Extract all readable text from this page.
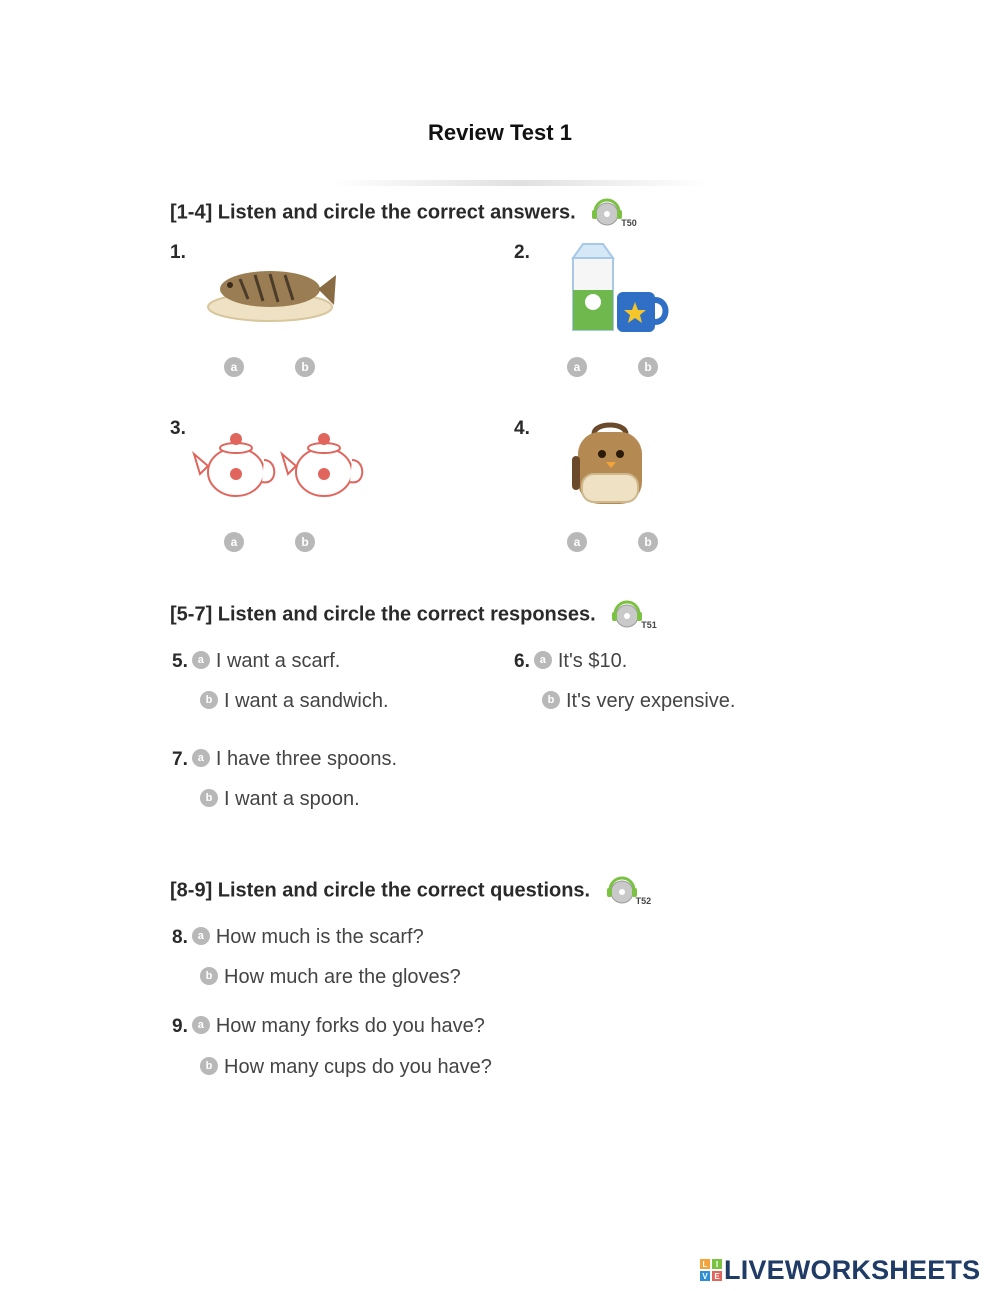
Review Test 1
[1-4] Listen and circle the correct answers.	T50
1.
a	b
2.
a	b
3.
a	b
4.
a	b
[5-7] Listen and circle the correct responses.	T51
5. a I want a scarf.
b I want a sandwich.
6. a It's $10.
b It's very expensive.
7. a I have three spoons.
b I want a spoon.
[8-9] Listen and circle the correct questions.	T52
8. a How much is the scarf?
b How much are the gloves?
9. a How many forks do you have?
b How many cups do you have?
L I
V E LIVEWORKSHEETS
